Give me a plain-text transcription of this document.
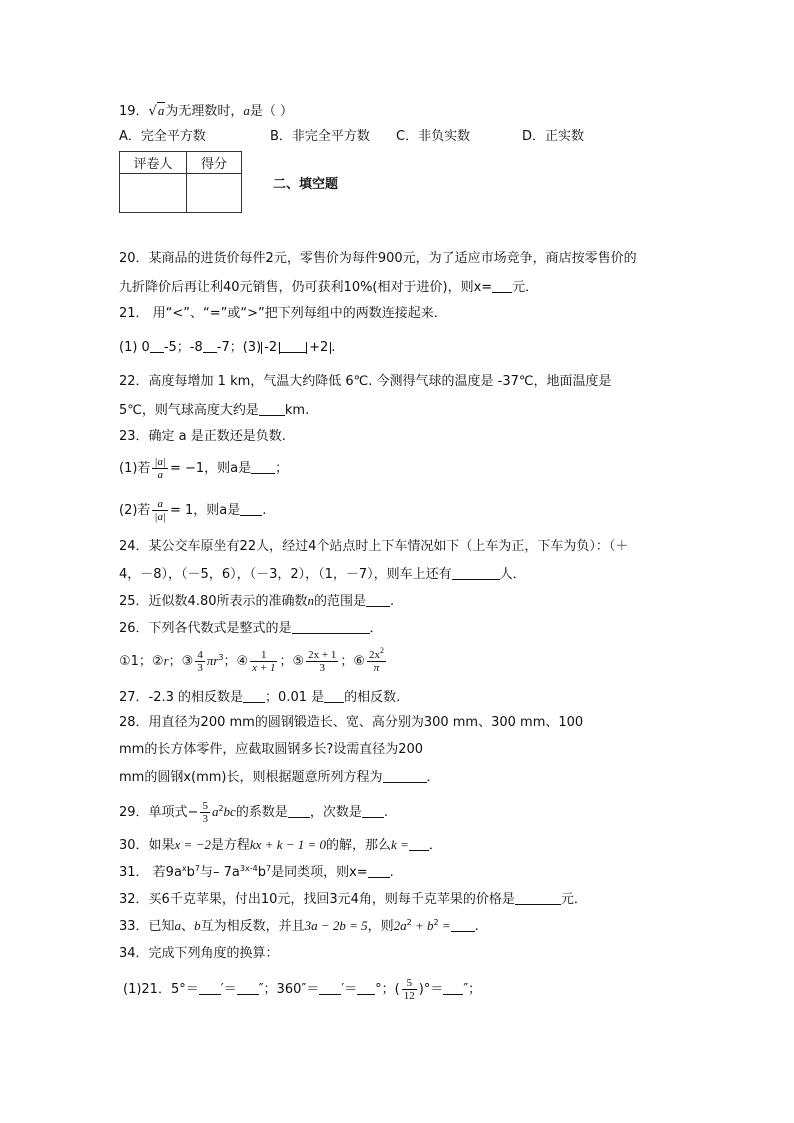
19．√a为无理数时，a是（ ）
A．完全平方数	B．非完全平方数 C．非负实数	D．正实数
评卷人	得分

二、填空题
20．某商品的进货价每件2元，零售价为每件900元，为了适应市场竞争，商店按零售价的
九折降价后再让利40元销售，仍可获利10%(相对于进价)，则x= 元．
21． 用“<”、“=”或“>”把下列每组中的两数连接起来.
(1) 0 -5；-8 -7；(3) -2 +2 .
22．高度每增加 1 km，气温大约降低 6℃. 今测得气球的温度是 -37℃，地面温度是
5℃，则气球高度大约是 km.
23．确定 a 是正数还是负数.
(1)若 $\frac{|a|}{a} = -1$，则a是 ；
(2)若 $\frac{a}{|a|} = 1$，则a是 .
24．某公交车原坐有22人，经过4个站点时上下车情况如下（上车为正，下车为负）：（＋
4，－8），（－5，6），（－3，2），（1，－7），则车上还有	人．
25．近似数4.80所表示的准确数n的范围是 .
26．下列各代数式是整式的是	．
①1；②r；③ $\frac{4}{3} \pi r^3$；④ $\frac{1}{x + 1}$ ；⑤ $\frac{2x + 1}{3}$ ；⑥ $\frac{2x^2}{\pi}$
27．-2.3 的相反数是 ；0.01 是 的相反数.
28．用直径为200 mm的圆钢锻造长、宽、高分别为300 mm、300 mm、100
mm的长方体零件，应截取圆钢多长?设需直径为200
mm的圆钢x(mm)长，则根据题意所列方程为	．
29．单项式− $\frac{5}{3} a^2bc$的系数是 ，次数是 .
30．如果x = −2是方程kx + k − 1 = 0的解，那么k = ．
31． 若$9a^xb^7$与– $7a^{3x-4}b^7$是同类项，则x= .
32．买6千克苹果，付出10元，找回3元4角，则每千克苹果的价格是	元．
33．已知a、b互为相反数，并且3a − 2b = 5，则$2a^2 + b^2$ = .
34．完成下列角度的换算：
(1)21．5°＝ ′＝ ″；360″＝ ′＝ °；( $\frac{5}{12}$ )°＝ ″；
